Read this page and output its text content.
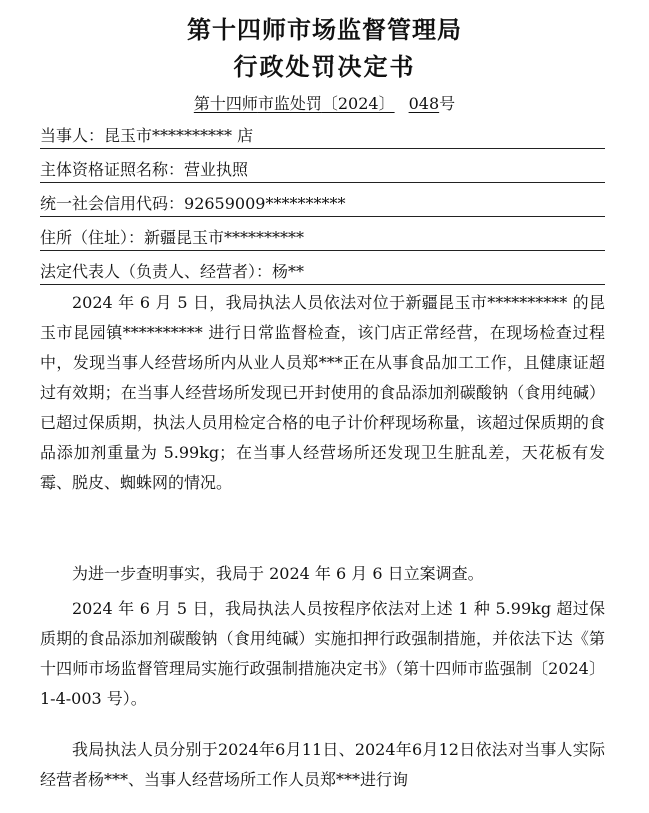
第十四师市场监督管理局
行政处罚决定书
第十四师市监处罚〔2024〕 048号
当事人：昆玉市********** 店
主体资格证照名称：营业执照
统一社会信用代码：92659009**********
住所（住址）：新疆昆玉市**********
法定代表人（负责人、经营者）：杨**

2024 年 6 月 5 日，我局执法人员依法对位于新疆昆玉市********** 的昆玉市昆园镇********** 进行日常监督检查，该门店正常经营，在现场检查过程中，发现当事人经营场所内从业人员郑***正在从事食品加工工作，且健康证超过有效期；在当事人经营场所发现已开封使用的食品添加剂碳酸钠（食用纯碱）已超过保质期，执法人员用检定合格的电子计价秤现场称量，该超过保质期的食品添加剂重量为 5.99kg；在当事人经营场所还发现卫生脏乱差，天花板有发霉、脱皮、蜘蛛网的情况。

为进一步查明事实，我局于 2024 年 6 月 6 日立案调查。

2024 年 6 月 5 日，我局执法人员按程序依法对上述 1 种 5.99kg 超过保质期的食品添加剂碳酸钠（食用纯碱）实施扣押行政强制措施，并依法下达《第十四师市场监督管理局实施行政强制措施决定书》（第十四师市监强制〔2024〕1-4-003 号）。

我局执法人员分别于2024年6月11日、2024年6月12日依法对当事人实际经营者杨***、当事人经营场所工作人员郑***进行询
